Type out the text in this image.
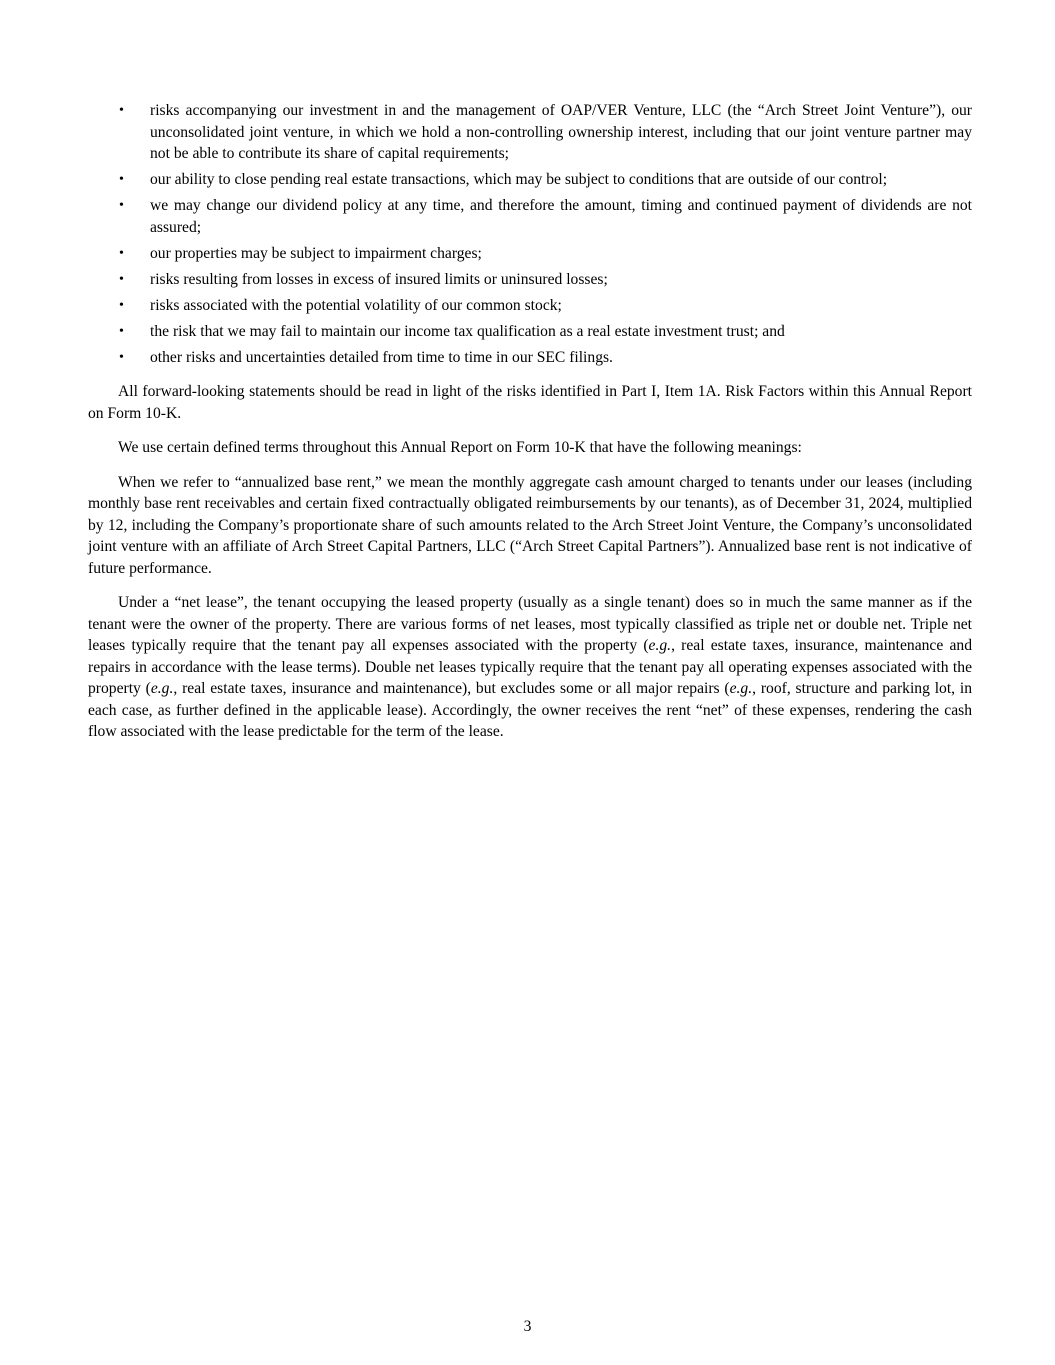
• risks accompanying our investment in and the management of OAP/VER Venture, LLC (the “Arch Street Joint Venture”), our unconsolidated joint venture, in which we hold a non-controlling ownership interest, including that our joint venture partner may not be able to contribute its share of capital requirements;
• our ability to close pending real estate transactions, which may be subject to conditions that are outside of our control;
• we may change our dividend policy at any time, and therefore the amount, timing and continued payment of dividends are not assured;
• our properties may be subject to impairment charges;
• risks resulting from losses in excess of insured limits or uninsured losses;
• risks associated with the potential volatility of our common stock;
• the risk that we may fail to maintain our income tax qualification as a real estate investment trust; and
• other risks and uncertainties detailed from time to time in our SEC filings.
All forward-looking statements should be read in light of the risks identified in Part I, Item 1A. Risk Factors within this Annual Report on Form 10-K.
We use certain defined terms throughout this Annual Report on Form 10-K that have the following meanings:
When we refer to “annualized base rent,” we mean the monthly aggregate cash amount charged to tenants under our leases (including monthly base rent receivables and certain fixed contractually obligated reimbursements by our tenants), as of December 31, 2024, multiplied by 12, including the Company’s proportionate share of such amounts related to the Arch Street Joint Venture, the Company’s unconsolidated joint venture with an affiliate of Arch Street Capital Partners, LLC (“Arch Street Capital Partners”). Annualized base rent is not indicative of future performance.
Under a “net lease”, the tenant occupying the leased property (usually as a single tenant) does so in much the same manner as if the tenant were the owner of the property. There are various forms of net leases, most typically classified as triple net or double net. Triple net leases typically require that the tenant pay all expenses associated with the property (e.g., real estate taxes, insurance, maintenance and repairs in accordance with the lease terms). Double net leases typically require that the tenant pay all operating expenses associated with the property (e.g., real estate taxes, insurance and maintenance), but excludes some or all major repairs (e.g., roof, structure and parking lot, in each case, as further defined in the applicable lease). Accordingly, the owner receives the rent “net” of these expenses, rendering the cash flow associated with the lease predictable for the term of the lease.
3
